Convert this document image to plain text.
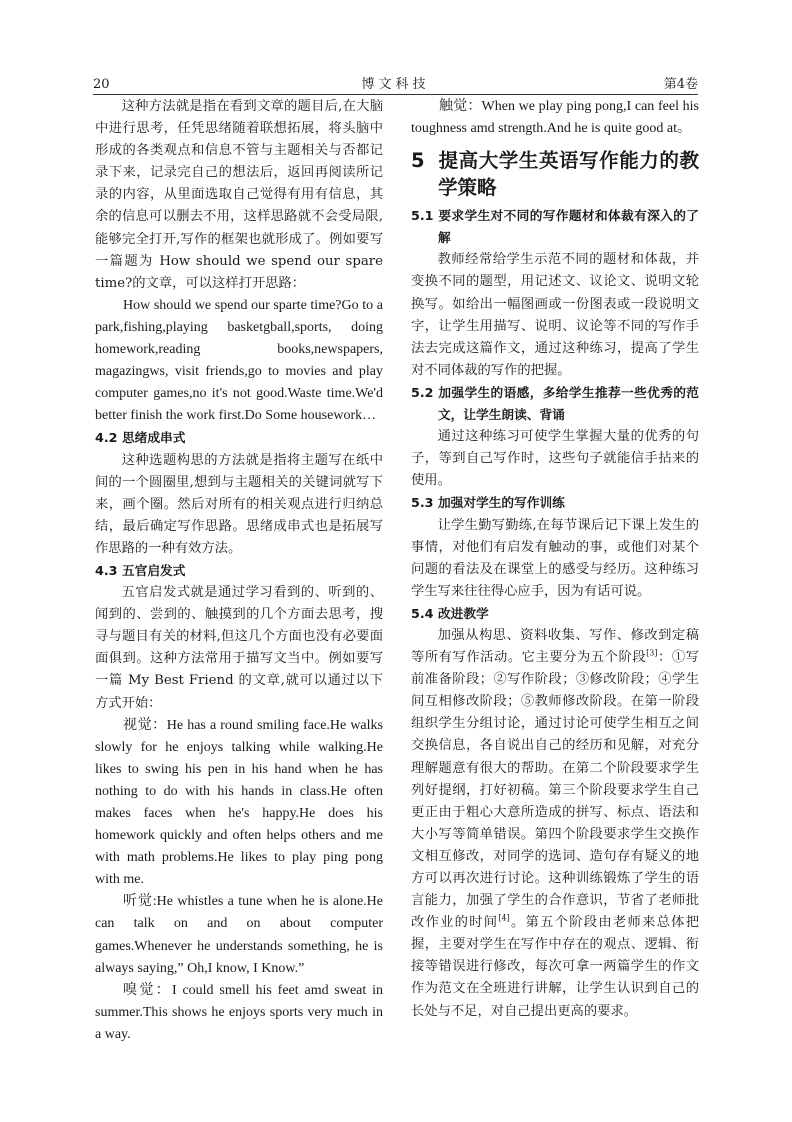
20	博文科技	第4卷

这种方法就是指在看到文章的题目后,在大脑中进行思考，任凭思绪随着联想拓展，将头脑中形成的各类观点和信息不管与主题相关与否都记录下来，记录完自己的想法后，返回再阅读所记录的内容，从里面选取自己觉得有用有信息，其余的信息可以删去不用，这样思路就不会受局限,能够完全打开,写作的框架也就形成了。例如要写一篇题为 How should we spend our spare time?的文章，可以这样打开思路：

How should we spend our sparte time?Go to a park,fishing,playing basketgball,sports, doing homework,reading books,newspapers, magazingws, visit friends,go to movies and play computer games,no it's not good.Waste time.We'd better finish the work first.Do Some housework…

4.2 思绪成串式

这种选题构思的方法就是指将主题写在纸中间的一个圆圈里,想到与主题相关的关键词就写下来，画个圈。然后对所有的相关观点进行归纳总结，最后确定写作思路。思绪成串式也是拓展写作思路的一种有效方法。

4.3 五官启发式

五官启发式就是通过学习看到的、听到的、闻到的、尝到的、触摸到的几个方面去思考，搜寻与题目有关的材料,但这几个方面也没有必要面面俱到。这种方法常用于描写文当中。例如要写一篇 My Best Friend 的文章,就可以通过以下方式开始：

视觉：He has a round smiling face.He walks slowly for he enjoys talking while walking.He likes to swing his pen in his hand when he has nothing to do with his hands in class.He often makes faces when he's happy.He does his homework quickly and often helps others and me with math problems.He likes to play ping pong with me.

听觉:He whistles a tune when he is alone.He can talk on and on about computer games.Whenever he understands something, he is always saying,” Oh,I know, I Know.”

嗅觉：I could smell his feet amd sweat in summer.This shows he enjoys sports very much in a way.

触觉：When we play ping pong,I can feel his toughness amd strength.And he is quite good at。

5 提高大学生英语写作能力的教学策略
5.1 要求学生对不同的写作题材和体裁有深入的了解

教师经常给学生示范不同的题材和体裁，并变换不同的题型，用记述文、议论文、说明文轮换写。如给出一幅图画或一份图表或一段说明文字，让学生用描写、说明、议论等不同的写作手法去完成这篇作文，通过这种练习，提高了学生对不同体裁的写作的把握。

5.2 加强学生的语感，多给学生推荐一些优秀的范文，让学生朗读、背诵

通过这种练习可使学生掌握大量的优秀的句子，等到自己写作时，这些句子就能信手拈来的使用。

5.3 加强对学生的写作训练

让学生勤写勤练,在每节课后记下课上发生的事情，对他们有启发有触动的事，或他们对某个问题的看法及在课堂上的感受与经历。这种练习学生写来往往得心应手，因为有话可说。

5.4 改进教学

加强从构思、资料收集、写作、修改到定稿等所有写作活动。它主要分为五个阶段[3]：①写前准备阶段；②写作阶段；③修改阶段；④学生间互相修改阶段；⑤教师修改阶段。在第一阶段组织学生分组讨论，通过讨论可使学生相互之间交换信息，各自说出自己的经历和见解，对充分理解题意有很大的帮助。在第二个阶段要求学生列好提纲，打好初稿。第三个阶段要求学生自己更正由于粗心大意所造成的拼写、标点、语法和大小写等简单错误。第四个阶段要求学生交换作文相互修改，对同学的选词、造句存有疑义的地方可以再次进行讨论。这种训练锻炼了学生的语言能力，加强了学生的合作意识，节省了老师批改作业的时间[4]。第五个阶段由老师来总体把握，主要对学生在写作中存在的观点、逻辑、衔接等错误进行修改，每次可拿一两篇学生的作文作为范文在全班进行讲解，让学生认识到自己的长处与不足，对自己提出更高的要求。
